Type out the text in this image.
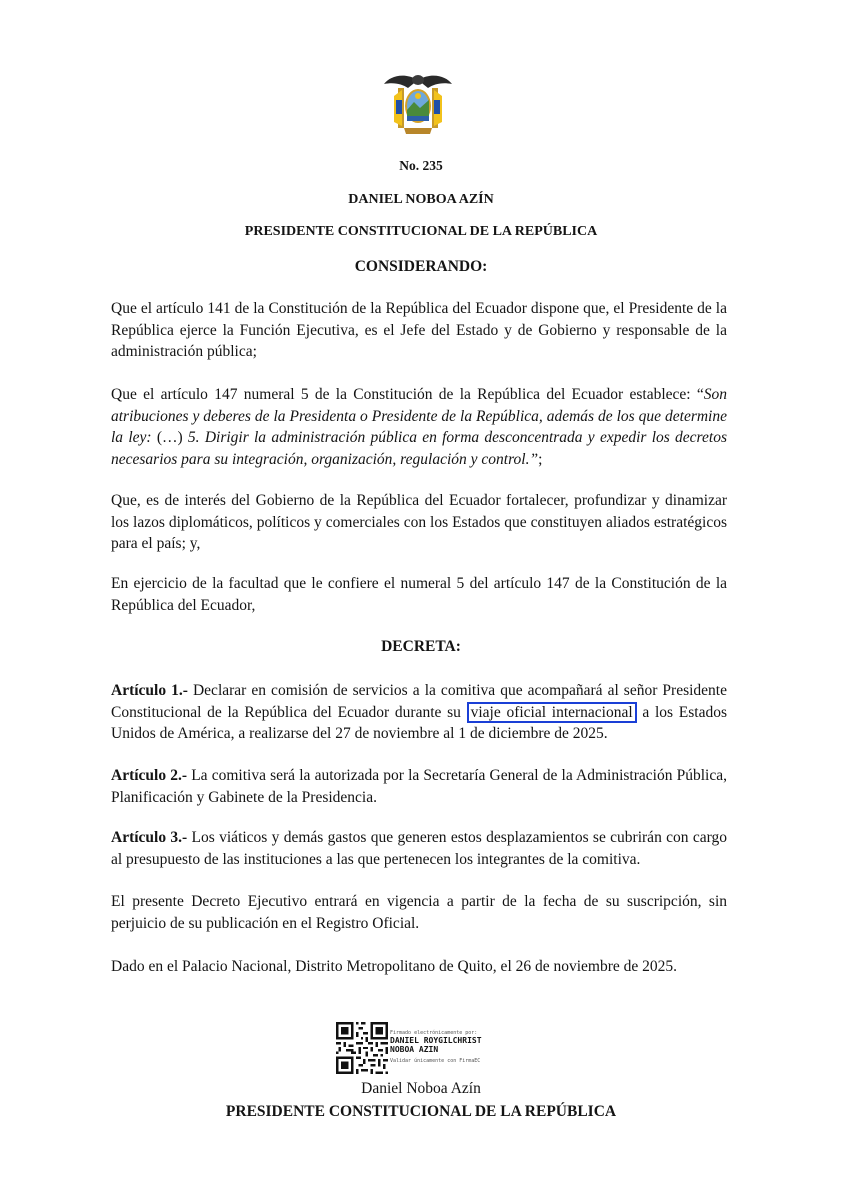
No. 235
DANIEL NOBOA AZÍN
PRESIDENTE CONSTITUCIONAL DE LA REPÚBLICA
CONSIDERANDO:

Que el artículo 141 de la Constitución de la República del Ecuador dispone que, el Presidente de la República ejerce la Función Ejecutiva, es el Jefe del Estado y de Gobierno y responsable de la administración pública;

Que el artículo 147 numeral 5 de la Constitución de la República del Ecuador establece: “Son atribuciones y deberes de la Presidenta o Presidente de la República, además de los que determine la ley: (…) 5. Dirigir la administración pública en forma desconcentrada y expedir los decretos necesarios para su integración, organización, regulación y control.”;

Que, es de interés del Gobierno de la República del Ecuador fortalecer, profundizar y dinamizar los lazos diplomáticos, políticos y comerciales con los Estados que constituyen aliados estratégicos para el país; y,

En ejercicio de la facultad que le confiere el numeral 5 del artículo 147 de la Constitución de la República del Ecuador,

DECRETA:

Artículo 1.- Declarar en comisión de servicios a la comitiva que acompañará al señor Presidente Constitucional de la República del Ecuador durante su viaje oficial internacional a los Estados Unidos de América, a realizarse del 27 de noviembre al 1 de diciembre de 2025.

Artículo 2.- La comitiva será la autorizada por la Secretaría General de la Administración Pública, Planificación y Gabinete de la Presidencia.

Artículo 3.- Los viáticos y demás gastos que generen estos desplazamientos se cubrirán con cargo al presupuesto de las instituciones a las que pertenecen los integrantes de la comitiva.

El presente Decreto Ejecutivo entrará en vigencia a partir de la fecha de su suscripción, sin perjuicio de su publicación en el Registro Oficial.

Dado en el Palacio Nacional, Distrito Metropolitano de Quito, el 26 de noviembre de 2025.

Firmado electrónicamente por:
DANIEL ROYGILCHRIST
NOBOA AZIN
Validar únicamente con FirmaEC
Daniel Noboa Azín
PRESIDENTE CONSTITUCIONAL DE LA REPÚBLICA
